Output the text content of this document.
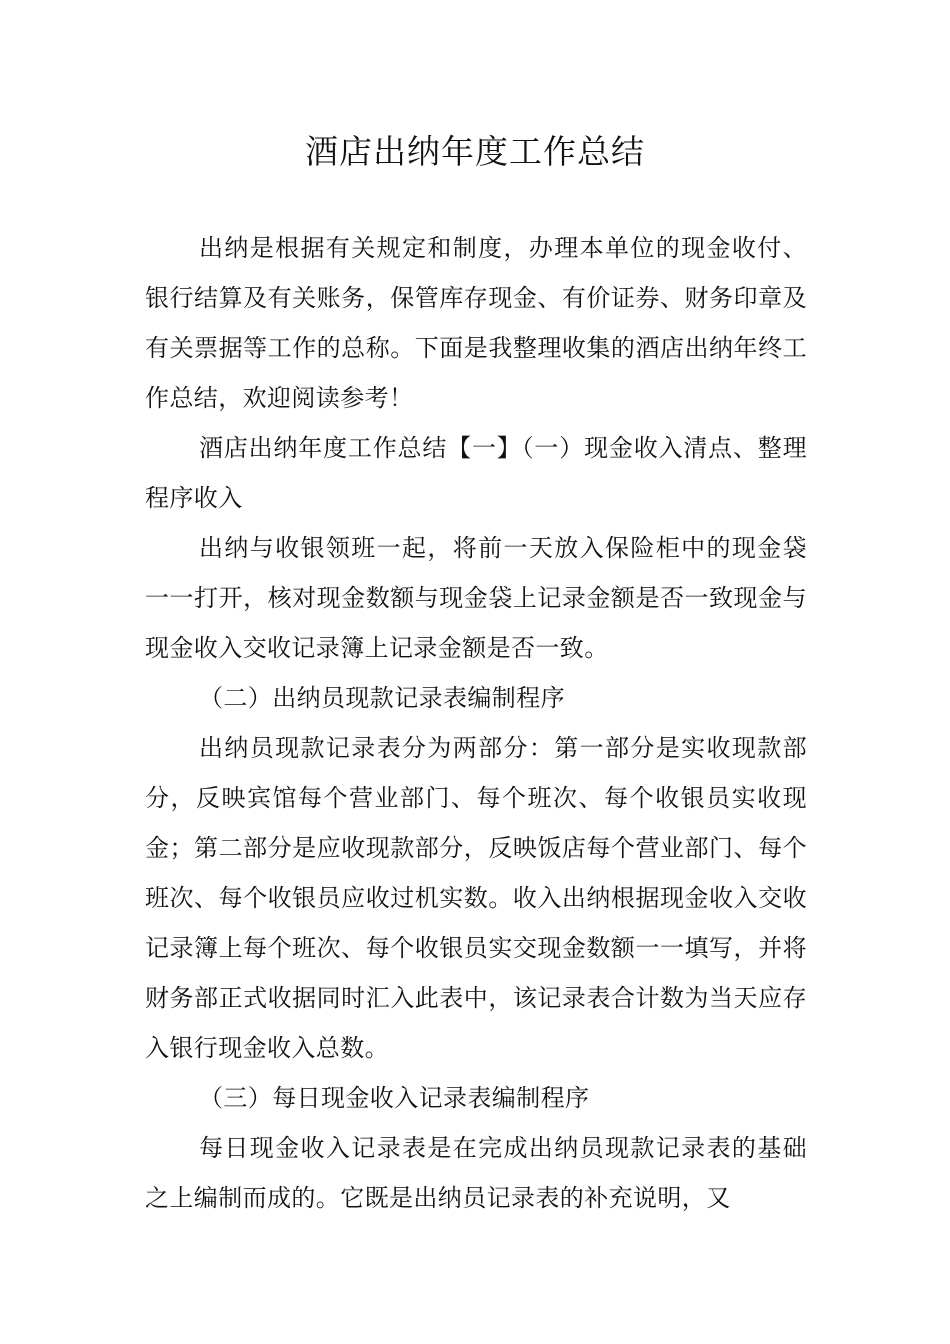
酒店出纳年度工作总结

出纳是根据有关规定和制度，办理本单位的现金收付、银行结算及有关账务，保管库存现金、有价证券、财务印章及有关票据等工作的总称。下面是我整理收集的酒店出纳年终工作总结，欢迎阅读参考！

酒店出纳年度工作总结【一】（一）现金收入清点、整理程序收入

出纳与收银领班一起，将前一天放入保险柜中的现金袋一一打开，核对现金数额与现金袋上记录金额是否一致现金与现金收入交收记录簿上记录金额是否一致。

（二）出纳员现款记录表编制程序

出纳员现款记录表分为两部分：第一部分是实收现款部分，反映宾馆每个营业部门、每个班次、每个收银员实收现金；第二部分是应收现款部分，反映饭店每个营业部门、每个班次、每个收银员应收过机实数。收入出纳根据现金收入交收记录簿上每个班次、每个收银员实交现金数额一一填写，并将财务部正式收据同时汇入此表中，该记录表合计数为当天应存入银行现金收入总数。

（三）每日现金收入记录表编制程序

每日现金收入记录表是在完成出纳员现款记录表的基础之上编制而成的。它既是出纳员记录表的补充说明，又
